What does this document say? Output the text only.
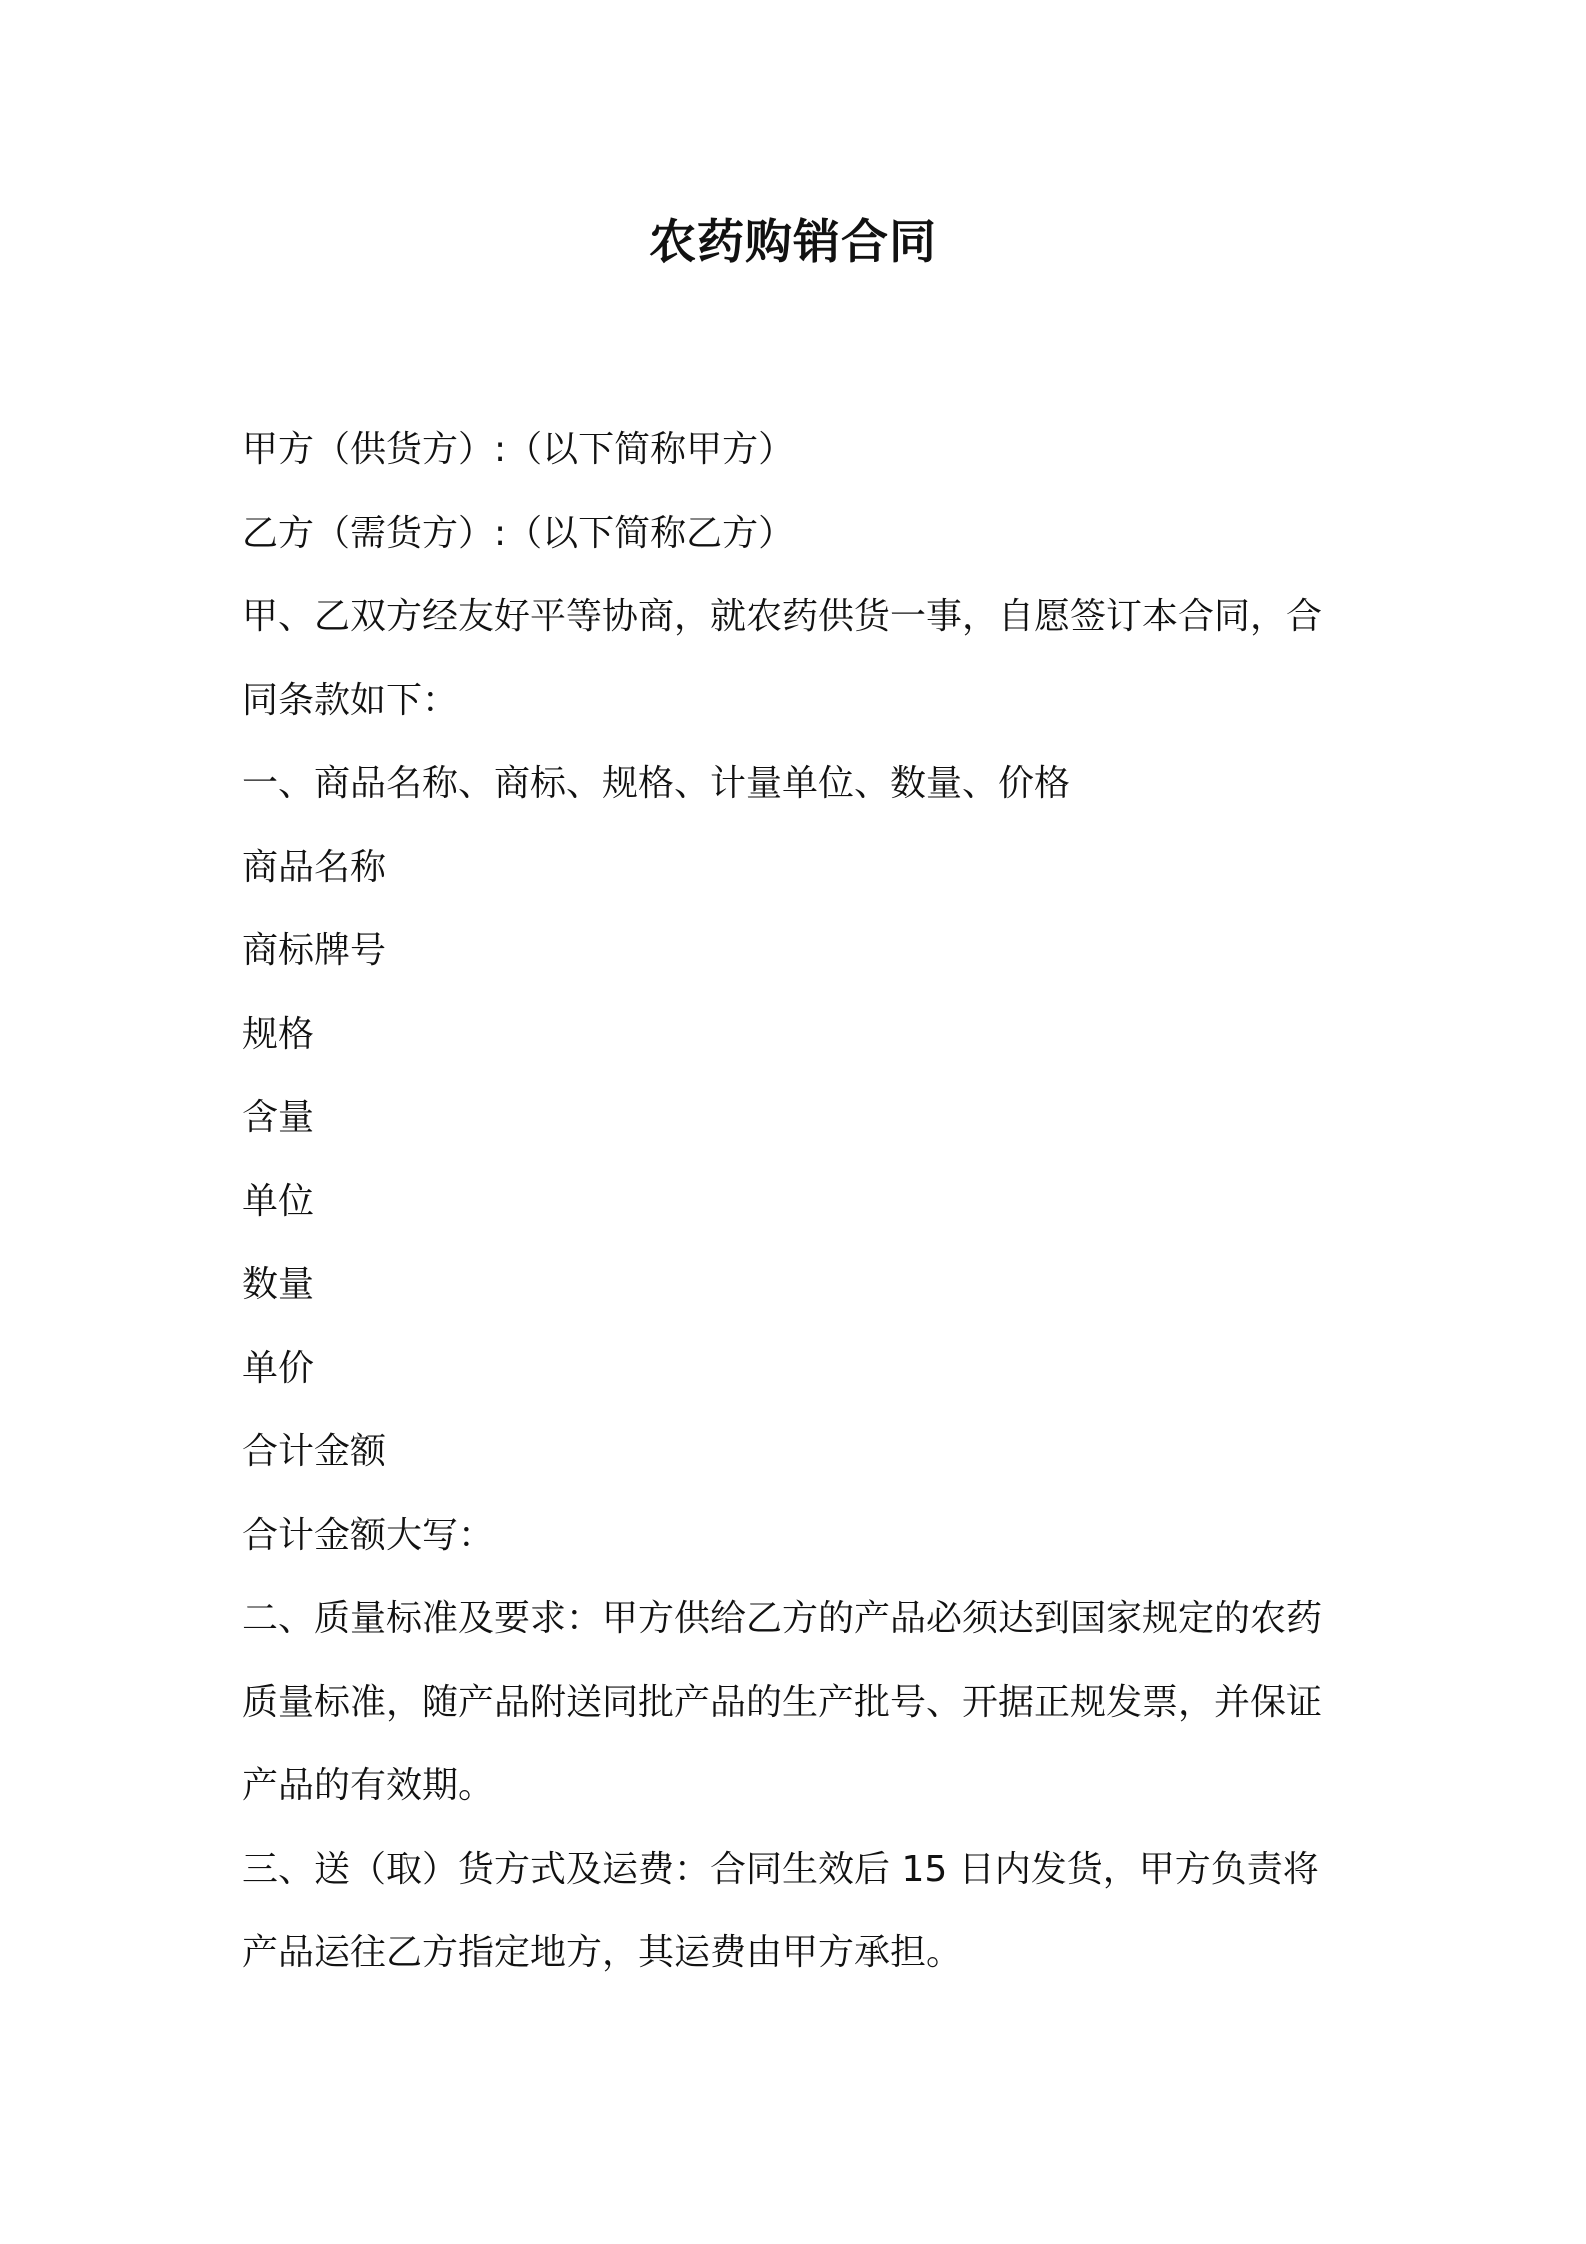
农药购销合同
甲方（供货方）:（以下简称甲方）
乙方（需货方）:（以下简称乙方）
甲、乙双方经友好平等协商，就农药供货一事，自愿签订本合同，合
同条款如下：
一、商品名称、商标、规格、计量单位、数量、价格
商品名称
商标牌号
规格
含量
单位
数量
单价
合计金额
合计金额大写：
二、质量标准及要求：甲方供给乙方的产品必须达到国家规定的农药
质量标准，随产品附送同批产品的生产批号、开据正规发票，并保证
产品的有效期。
三、送（取）货方式及运费：合同生效后 15 日内发货，甲方负责将
产品运往乙方指定地方，其运费由甲方承担。
